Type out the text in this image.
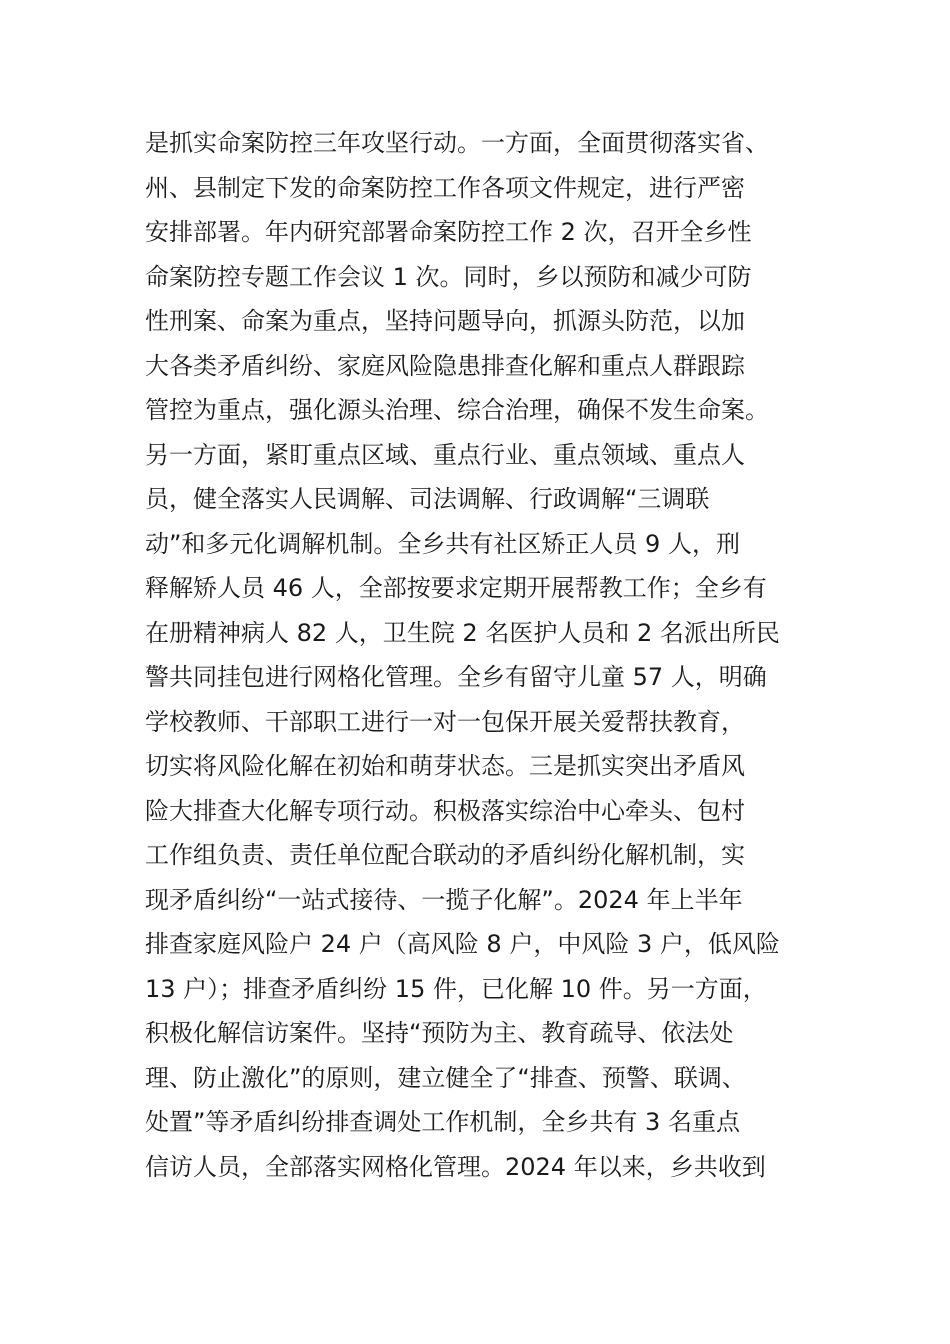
是抓实命案防控三年攻坚行动。一方面，全面贯彻落实省、
州、县制定下发的命案防控工作各项文件规定，进行严密
安排部署。年内研究部署命案防控工作 2 次，召开全乡性
命案防控专题工作会议 1 次。同时，乡以预防和减少可防
性刑案、命案为重点，坚持问题导向，抓源头防范，以加
大各类矛盾纠纷、家庭风险隐患排查化解和重点人群跟踪
管控为重点，强化源头治理、综合治理，确保不发生命案。
另一方面，紧盯重点区域、重点行业、重点领域、重点人
员，健全落实人民调解、司法调解、行政调解“三调联
动”和多元化调解机制。全乡共有社区矫正人员 9 人，刑
释解矫人员 46 人，全部按要求定期开展帮教工作；全乡有
在册精神病人 82 人，卫生院 2 名医护人员和 2 名派出所民
警共同挂包进行网格化管理。全乡有留守儿童 57 人，明确
学校教师、干部职工进行一对一包保开展关爱帮扶教育，
切实将风险化解在初始和萌芽状态。三是抓实突出矛盾风
险大排查大化解专项行动。积极落实综治中心牵头、包村
工作组负责、责任单位配合联动的矛盾纠纷化解机制，实
现矛盾纠纷“一站式接待、一揽子化解”。2024 年上半年
排查家庭风险户 24 户（高风险 8 户，中风险 3 户，低风险
13 户）；排查矛盾纠纷 15 件，已化解 10 件。另一方面，
积极化解信访案件。坚持“预防为主、教育疏导、依法处
理、防止激化”的原则，建立健全了“排查、预警、联调、
处置”等矛盾纠纷排查调处工作机制，全乡共有 3 名重点
信访人员，全部落实网格化管理。2024 年以来，乡共收到
